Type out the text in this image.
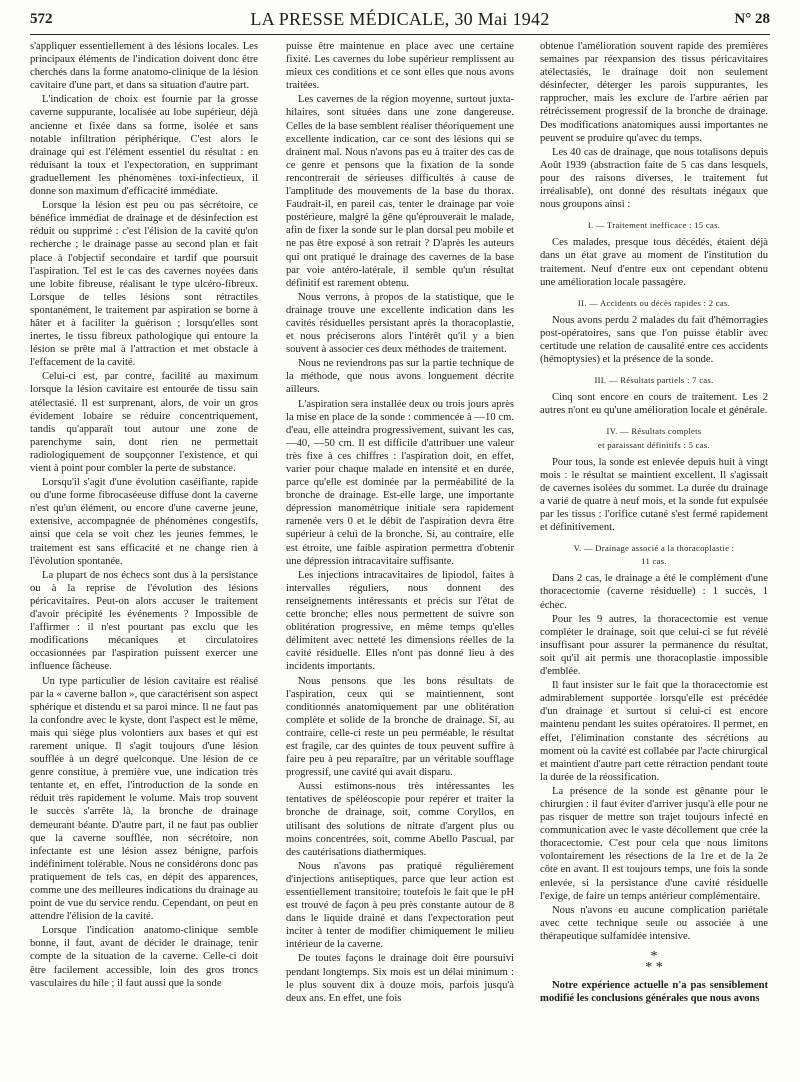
572	LA PRESSE MÉDICALE, 30 Mai 1942	N° 28

s'appliquer essentiellement à des lésions locales. Les principaux éléments de l'indication doivent donc être cherchés dans la forme anatomo-clinique de la lésion cavitaire d'une part, et dans sa situation d'autre part.

L'indication de choix est fournie par la grosse caverne suppurante, localisée au lobe supérieur, déjà ancienne et fixée dans sa forme, isolée et sans notable infiltration périphérique. C'est alors le drainage qui est l'élément essentiel du résultat : en réduisant la toux et l'expectoration, en supprimant graduellement les phénomènes toxi-infectieux, il donne son maximum d'efficacité immédiate.

Lorsque la lésion est peu ou pas sécrétoire, ce bénéfice immédiat de drainage et de désinfection est réduit ou supprimé : c'est l'élision de la cavité qu'on recherche ; le drainage passe au second plan et fait place à l'objectif secondaire et tardif que poursuit l'aspiration. Tel est le cas des cavernes noyées dans une lobite fibreuse, réalisant le type ulcéro-fibreux. Lorsque de telles lésions sont rétractiles spontanément, le traitement par aspiration se borne à hâter et à faciliter la guérison ; lorsqu'elles sont inertes, le tissu fibreux pathologique qui entoure la lésion se prête mal à l'attraction et met obstacle à l'effacement de la cavité.

Celui-ci est, par contre, facilité au maximum lorsque la lésion cavitaire est entourée de tissu sain atélectasié. Il est surprenant, alors, de voir un gros évidement lobaire se réduire concentriquement, tandis qu'apparaît tout autour une zone de parenchyme sain, dont rien ne permettait radiologiquement de soupçonner l'existence, et qui vient à point pour combler la perte de substance.

Lorsqu'il s'agit d'une évolution caséifiante, rapide ou d'une forme fibrocaséeuse diffuse dont la caverne n'est qu'un élément, ou encore d'une caverne jeune, extensive, accompagnée de phénomènes congestifs, ainsi que cela se voit chez les jeunes femmes, le traitement est sans efficacité et ne change rien à l'évolution spontanée.

La plupart de nos échecs sont dus à la persistance ou à la reprise de l'évolution des lésions péricavitaires. Peut-on alors accuser le traitement d'avoir précipité les événements ? Impossible de l'affirmer : il n'est pourtant pas exclu que les modifications mécaniques et circulatoires occasionnées par l'aspiration puissent exercer une influence fâcheuse.

Un type particulier de lésion cavitaire est réalisé par la « caverne ballon », que caractérisent son aspect sphérique et distendu et sa paroi mince. Il ne faut pas la confondre avec le kyste, dont l'aspect est le même, mais qui siège plus volontiers aux bases et qui est rarement unique. Il s'agit toujours d'une lésion soufflée à un degré quelconque. Une lésion de ce genre constitue, à première vue, une indication très tentante et, en effet, l'introduction de la sonde en réduit très rapidement le volume. Mais trop souvent le succès s'arrête là, la bronche de drainage demeurant béante. D'autre part, il ne faut pas oublier que la caverne soufflée, non sécrétoire, non infectante est une lésion assez bénigne, parfois indéfiniment tolérable. Nous ne considérons donc pas pratiquement de tels cas, en dépit des apparences, comme une des meilleures indications du drainage au point de vue du service rendu. Cependant, on peut en attendre l'élision de la cavité.

Lorsque l'indication anatomo-clinique semble bonne, il faut, avant de décider le drainage, tenir compte de la situation de la caverne. Celle-ci doit être facilement accessible, loin des gros troncs vasculaires du hile ; il faut aussi que la sonde

puisse être maintenue en place avec une certaine fixité. Les cavernes du lobe supérieur remplissent au mieux ces conditions et ce sont elles que nous avons traitées.

Les cavernes de la région moyenne, surtout juxta-hilaires, sont situées dans une zone dangereuse. Celles de la base semblent réaliser théoriquement une excellente indication, car ce sont des lésions qui se drainent mal. Nous n'avons pas eu à traiter des cas de ce genre et pensons que la fixation de la sonde rencontrerait de sérieuses difficultés à cause de l'amplitude des mouvements de la base du thorax. Faudrait-il, en pareil cas, tenter le drainage par voie postérieure, malgré la gêne qu'éprouverait le malade, afin de fixer la sonde sur le plan dorsal peu mobile et ne pas être exposé à son retrait ? D'après les auteurs qui ont pratiqué le drainage des cavernes de la base par voie antéro-latérale, il semble qu'un résultat définitif est rarement obtenu.

Nous verrons, à propos de la statistique, que le drainage trouve une excellente indication dans les cavités résiduelles persistant après la thoracoplastie, et nous préciserons alors l'intérêt qu'il y a bien souvent à associer ces deux méthodes de traitement.

Nous ne reviendrons pas sur la partie technique de la méthode, que nous avons longuement décrite ailleurs.

L'aspiration sera installée deux ou trois jours après la mise en place de la sonde : commencée à —10 cm. d'eau, elle atteindra progressivement, suivant les cas, —40, —50 cm. Il est difficile d'attribuer une valeur très fixe à ces chiffres : l'aspiration doit, en effet, varier pour chaque malade en intensité et en durée, parce qu'elle est dominée par la perméabilité de la bronche de drainage. Est-elle large, une importante dépression manométrique initiale sera rapidement ramenée vers 0 et le débit de l'aspiration devra être supérieur à celui de la bronche. Si, au contraire, elle est étroite, une faible aspiration permettra d'obtenir une dépression intracavitaire suffisante.

Les injections intracavitaires de lipiodol, faites à intervalles réguliers, nous donnent des renseignements intéressants et précis sur l'état de cette bronche; elles nous permettent de suivre son oblitération progressive, en même temps qu'elles délimitent avec netteté les dimensions réelles de la cavité résiduelle. Elles n'ont pas donné lieu à des incidents importants.

Nous pensons que les bons résultats de l'aspiration, ceux qui se maintiennent, sont conditionnés anatomiquement par une oblitération complète et solide de la bronche de drainage. Si, au contraire, celle-ci reste un peu perméable, le résultat est fragile, car des quintes de toux peuvent suffire à faire peu à peu reparaître, par un véritable soufflage progressif, une cavité qui avait disparu.

Aussi estimons-nous très intéressantes les tentatives de spéléoscopie pour repérer et traiter la bronche de drainage, soit, comme Coryllos, en utilisant des solutions de nitrate d'argent plus ou moins concentrées, soit, comme Abello Pascual, par des cautérisations diathermiques.

Nous n'avons pas pratiqué régulièrement d'injections antiseptiques, parce que leur action est essentiellement transitoire; toutefois le fait que le pH est trouvé de façon à peu près constante autour de 8 dans le liquide drainé et dans l'expectoration peut inciter à tenter de modifier chimiquement le milieu intérieur de la caverne.

De toutes façons le drainage doit être poursuivi pendant longtemps. Six mois est un délai minimum : le plus souvent dix à douze mois, parfois jusqu'à deux ans. En effet, une fois

obtenue l'amélioration souvent rapide des premières semaines par réexpansion des tissus péricavitaires atélectasiés, le drainage doit non seulement désinfecter, déterger les parois suppurantes, les rapprocher, mais les exclure de l'arbre aérien par rétrécissement progressif de la bronche de drainage. Des modifications anatomiques aussi importantes ne peuvent se produire qu'avec du temps.

Les 40 cas de drainage, que nous totalisons depuis Août 1939 (abstraction faite de 5 cas dans lesquels, pour des raisons diverses, le traitement fut irréalisable), ont donné des résultats inégaux que nous groupons ainsi :

I. — Traitement inefficace : 15 cas.

Ces malades, presque tous décédés, étaient déjà dans un état grave au moment de l'institution du traitement. Neuf d'entre eux ont cependant obtenu une amélioration locale passagère.

II. — Accidents ou décès rapides : 2 cas.

Nous avons perdu 2 malades du fait d'hémorragies post-opératoires, sans que l'on puisse établir avec certitude une relation de causalité entre ces accidents (hémoptysies) et la présence de la sonde.

III. — Résultats partiels : 7 cas.

Cinq sont encore en cours de traitement. Les 2 autres n'ont eu qu'une amélioration locale et générale.

IV. — Résultats complets

et paraissant définitifs : 5 cas.

Pour tous, la sonde est enlevée depuis huit à vingt mois : le résultat se maintient excellent. Il s'agissait de cavernes isolées du sommet. La durée du drainage a varié de quatre à neuf mois, et la sonde fut expulsée par les tissus : l'orifice cutané s'est fermé rapidement et définitivement.

V. — Drainage associé a la thoracoplastie :

11 cas.

Dans 2 cas, le drainage a été le complément d'une thoracectomie (caverne résiduelle) : 1 succès, 1 échec.

Pour les 9 autres, la thoracectomie est venue compléter le drainage, soit que celui-ci se fut révélé insuffisant pour assurer la permanence du résultat, soit qu'il ait permis une thoracoplastie impossible d'emblée.

Il faut insister sur le fait que la thoracectomie est admirablement supportée lorsqu'elle est précédée d'un drainage et surtout si celui-ci est encore maintenu pendant les suites opératoires. Il permet, en effet, l'élimination constante des sécrétions au moment où la cavité est collabée par l'acte chirurgical et maintient d'autre part cette rétraction pendant toute la durée de la réossification.

La présence de la sonde est gênante pour le chirurgien : il faut éviter d'arriver jusqu'à elle pour ne pas risquer de mettre son trajet toujours infecté en communication avec le vaste décollement que crée la thoracectomie. C'est pour cela que nous limitons volontairement les résections de la 1re et de la 2e côte en avant. Il est toujours temps, une fois la sonde enlevée, si la persistance d'une cavité résiduelle l'exige, de faire un temps antérieur complémentaire.

Nous n'avons eu aucune complication pariétale avec cette technique seule ou associée à une thérapeutique sulfamidée intensive.

*
* *

Notre expérience actuelle n'a pas sensiblement modifié les conclusions générales que nous avons
